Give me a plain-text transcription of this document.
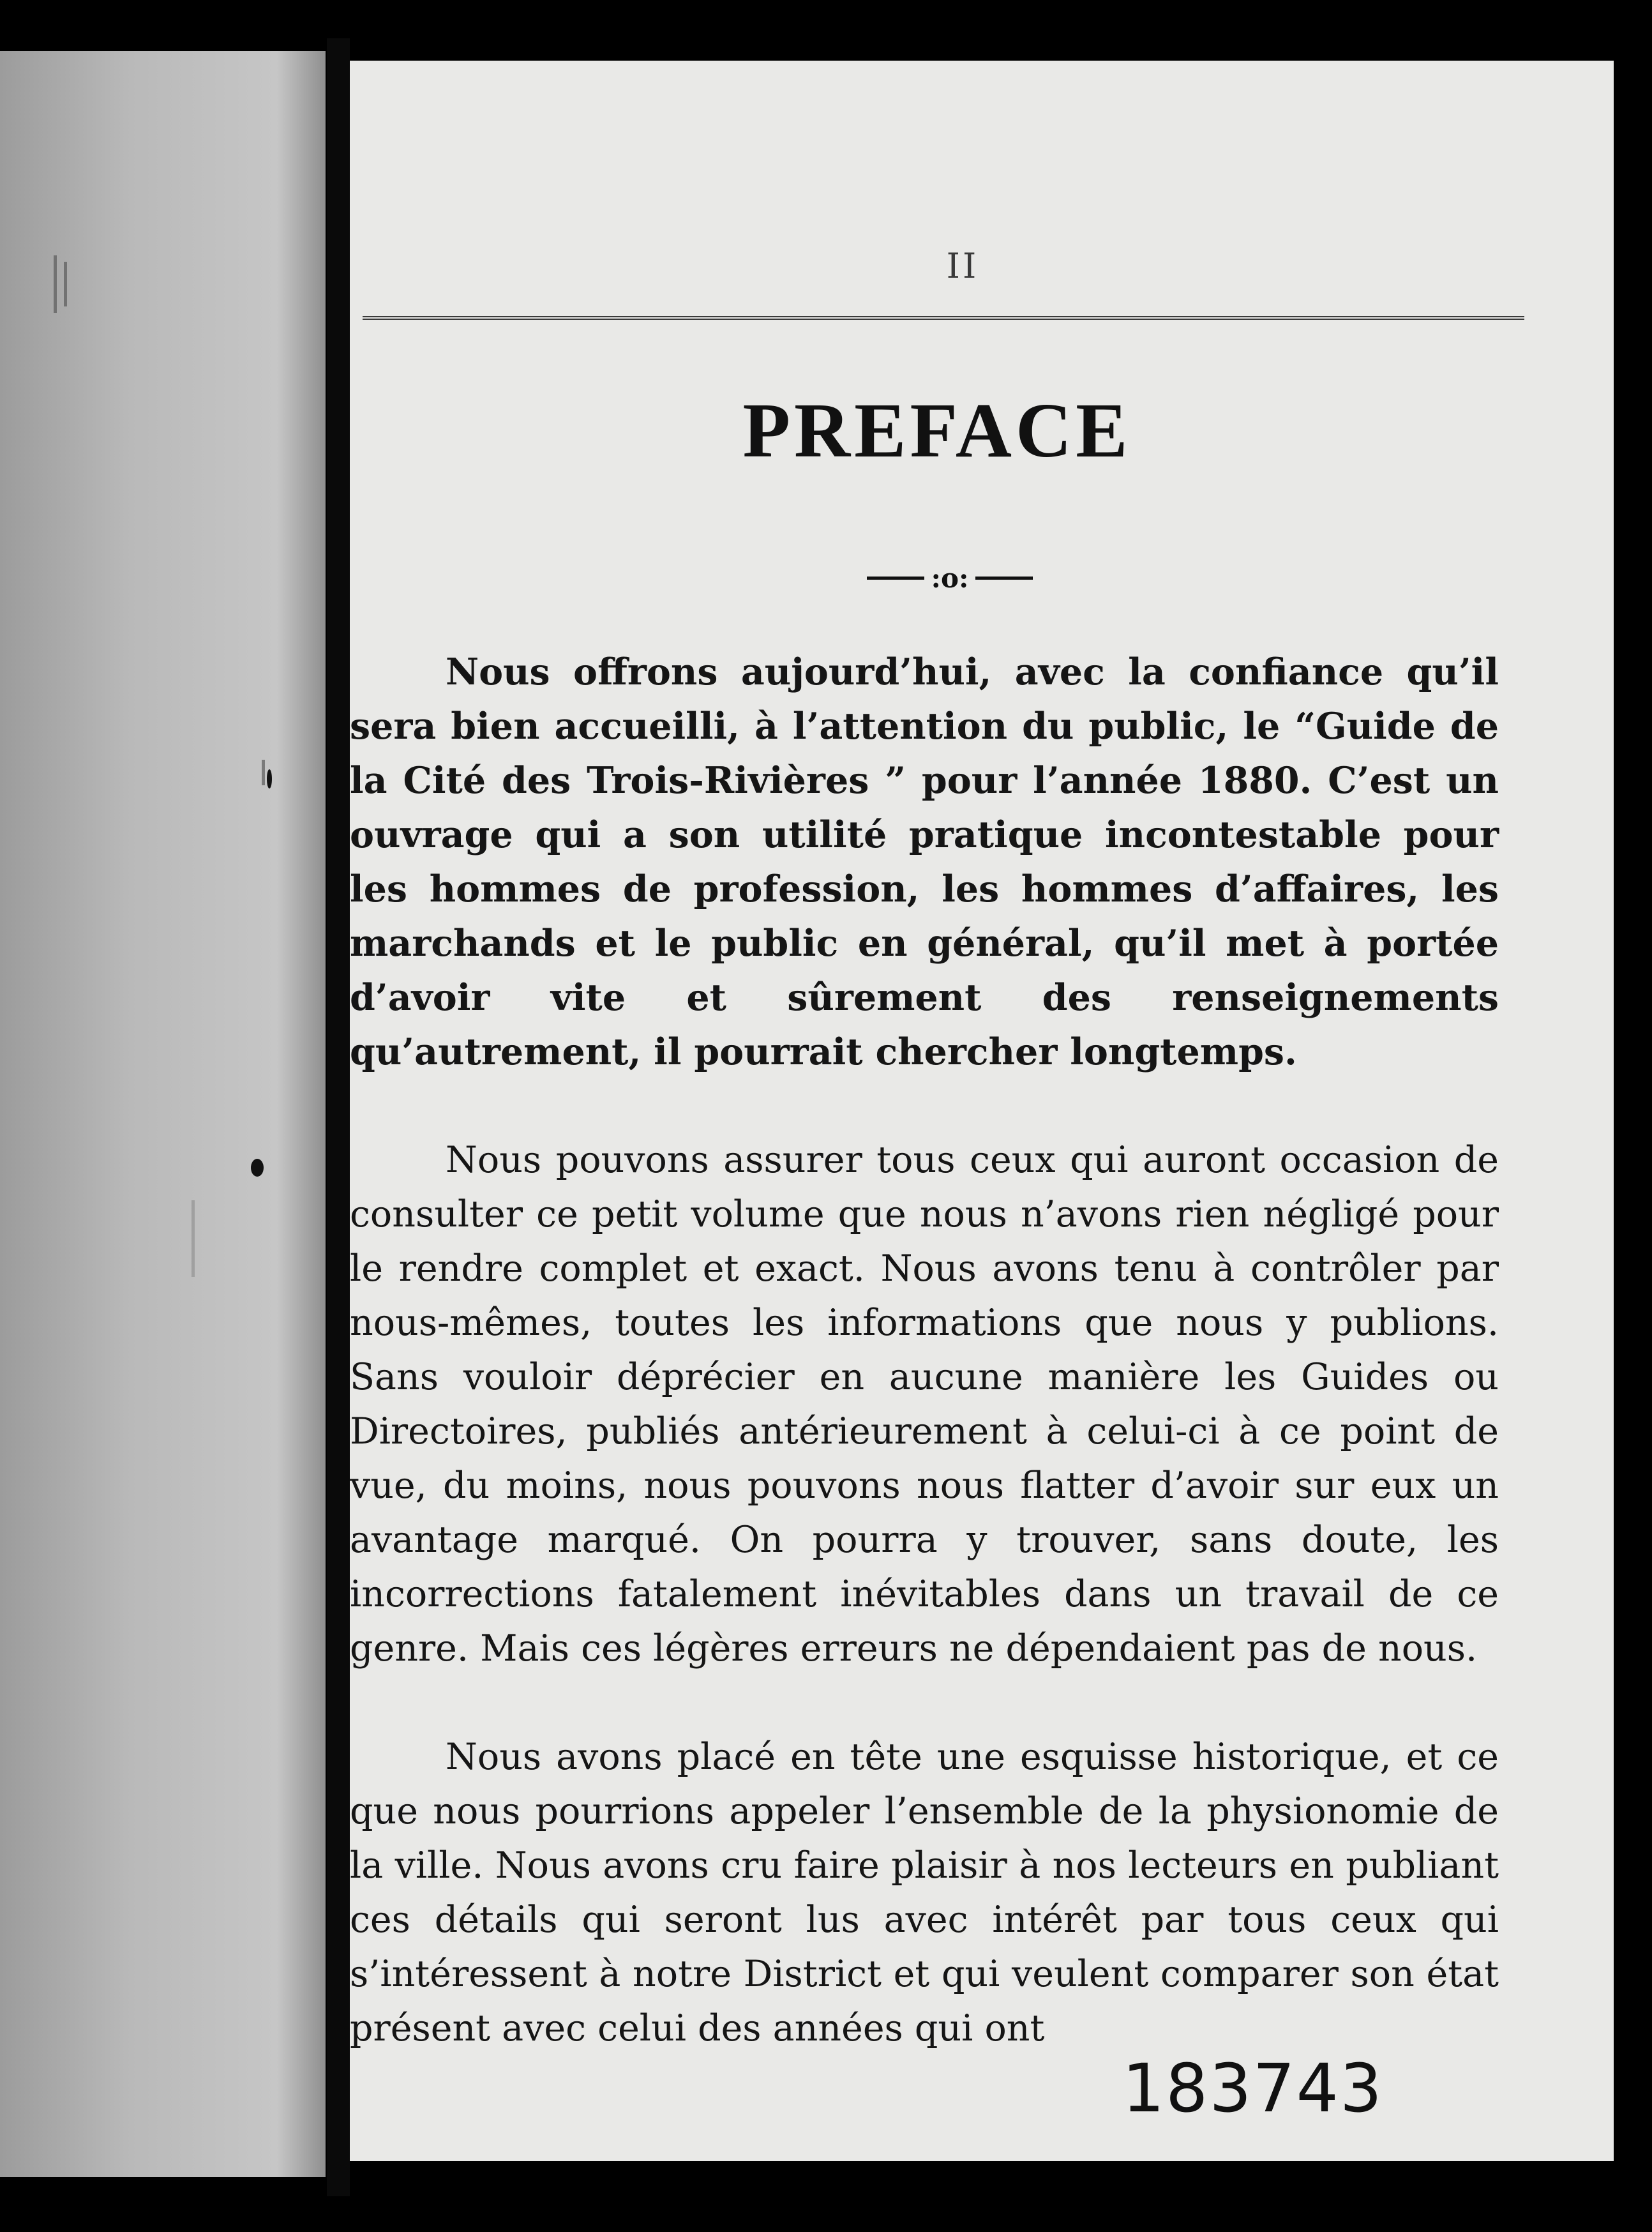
II
PREFACE
:o:

Nous offrons aujourd’hui, avec la confiance qu’il sera bien accueilli, à l’attention du public, le “Guide de la Cité des Trois-Rivières ” pour l’année 1880. C’est un ouvrage qui a son utilité pratique incontestable pour les hommes de profession, les hommes d’affaires, les marchands et le public en général, qu’il met à portée d’avoir vite et sûrement des renseignements qu’autrement, il pourrait chercher longtemps.

Nous pouvons assurer tous ceux qui auront occasion de consulter ce petit volume que nous n’avons rien négligé pour le rendre complet et exact. Nous avons tenu à contrôler par nous-mêmes, toutes les informations que nous y publions. Sans vouloir déprécier en aucune manière les Guides ou Directoires, publiés antérieurement à celui-ci à ce point de vue, du moins, nous pouvons nous flatter d’avoir sur eux un avantage marqué. On pourra y trouver, sans doute, les incorrections fatalement inévitables dans un travail de ce genre. Mais ces légères erreurs ne dépendaient pas de nous.

Nous avons placé en tête une esquisse historique, et ce que nous pourrions appeler l’ensemble de la physionomie de la ville. Nous avons cru faire plaisir à nos lecteurs en publiant ces détails qui seront lus avec intérêt par tous ceux qui s’intéressent à notre District et qui veulent comparer son état présent avec celui des années qui ont

183743
